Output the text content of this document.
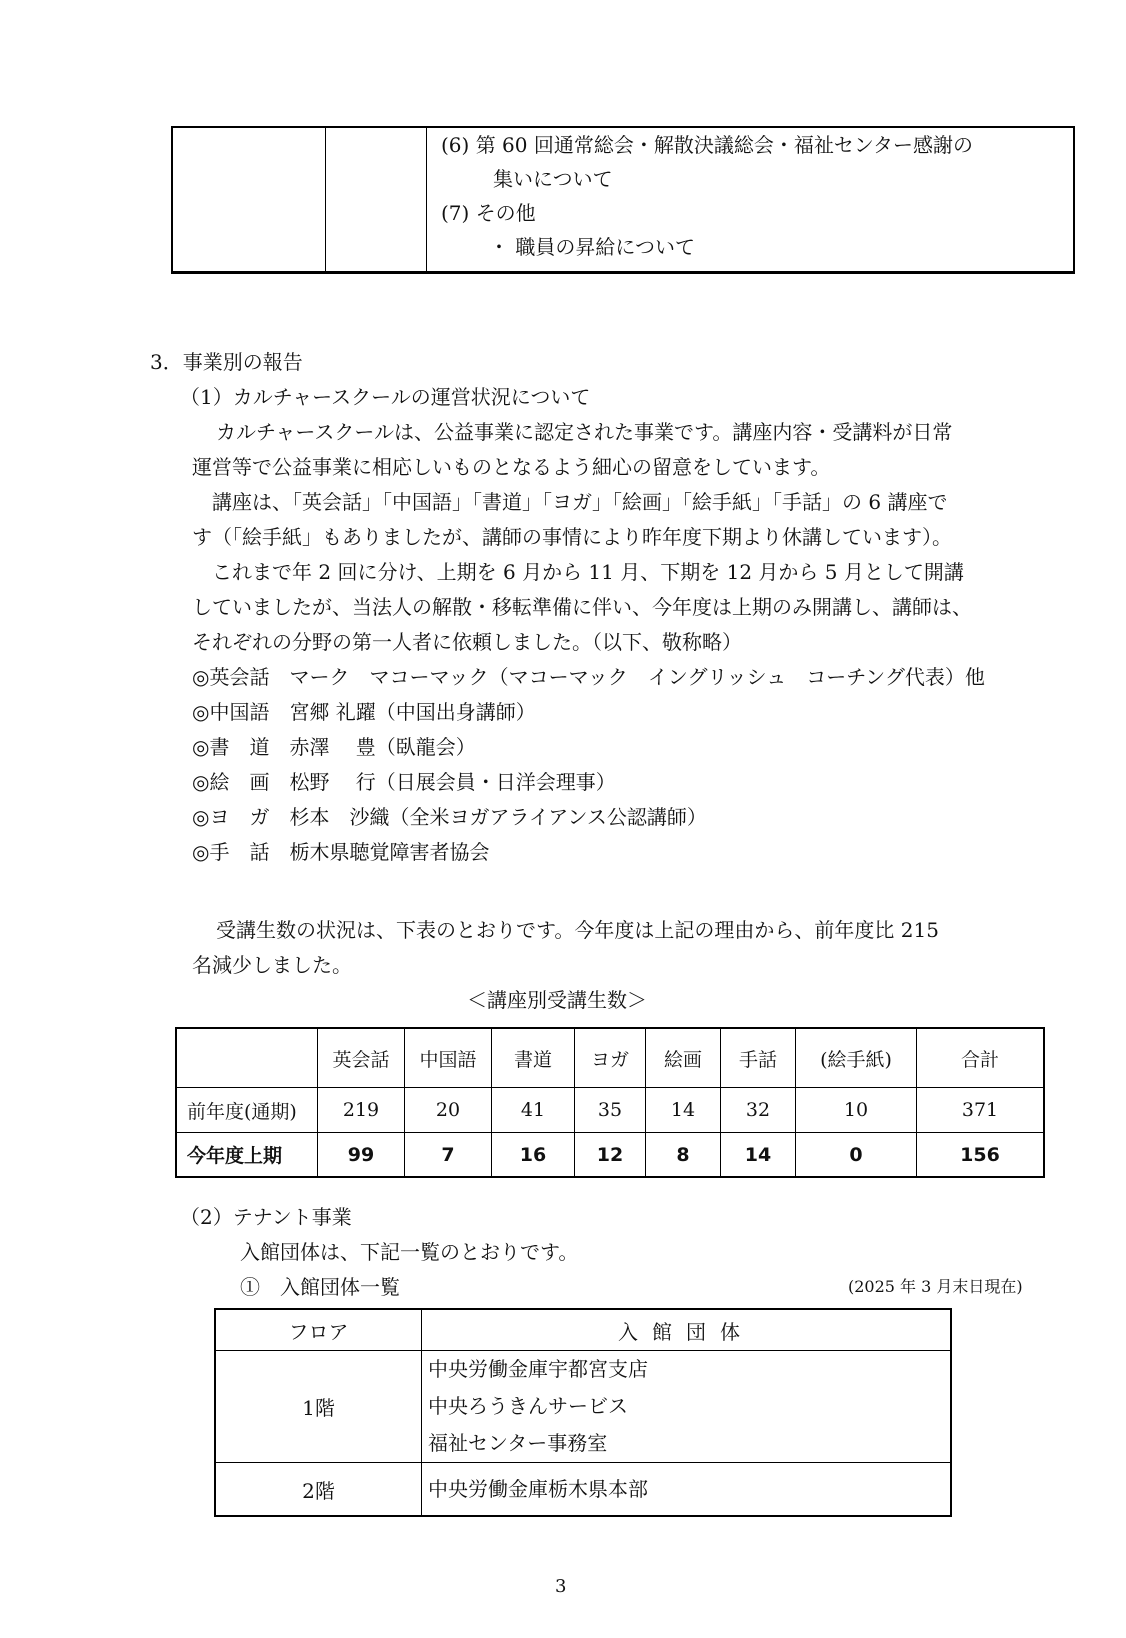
(6) 第 60 回通常総会・解散決議総会・福祉センター感謝の
集いについて
(7) その他
・ 職員の昇給について
3．事業別の報告
（1）カルチャースクールの運営状況について
カルチャースクールは、公益事業に認定された事業です。講座内容・受講料が日常
運営等で公益事業に相応しいものとなるよう細心の留意をしています。
講座は、「英会話」「中国語」「書道」「ヨガ」「絵画」「絵手紙」「手話」の 6 講座で
す（「絵手紙」もありましたが、講師の事情により昨年度下期より休講しています）。
これまで年 2 回に分け、上期を 6 月から 11 月、下期を 12 月から 5 月として開講
していましたが、当法人の解散・移転準備に伴い、今年度は上期のみ開講し、講師は、
それぞれの分野の第一人者に依頼しました。（以下、敬称略）
◎英会話　マーク　マコーマック（マコーマック　イングリッシュ　コーチング代表）他
◎中国語　宮郷 礼躍（中国出身講師）
◎書　道　赤澤　 豊（臥龍会）
◎絵　画　松野　 行（日展会員・日洋会理事）
◎ヨ　ガ　杉本　沙織（全米ヨガアライアンス公認講師）
◎手　話　栃木県聴覚障害者協会
受講生数の状況は、下表のとおりです。今年度は上記の理由から、前年度比 215
名減少しました。
＜講座別受講生数＞
	英会話	中国語	書道	ヨガ	絵画	手話	(絵手紙)	合計
前年度(通期)	219	20	41	35	14	32	10	371
今年度上期	99	7	16	12	8	14	0	156
（2）テナント事業
入館団体は、下記一覧のとおりです。
①　入館団体一覧	(2025 年 3 月末日現在)
フロア	入館団体
1階	中央労働金庫宇都宮支店
中央ろうきんサービス
福祉センター事務室

2階	中央労働金庫栃木県本部
3
